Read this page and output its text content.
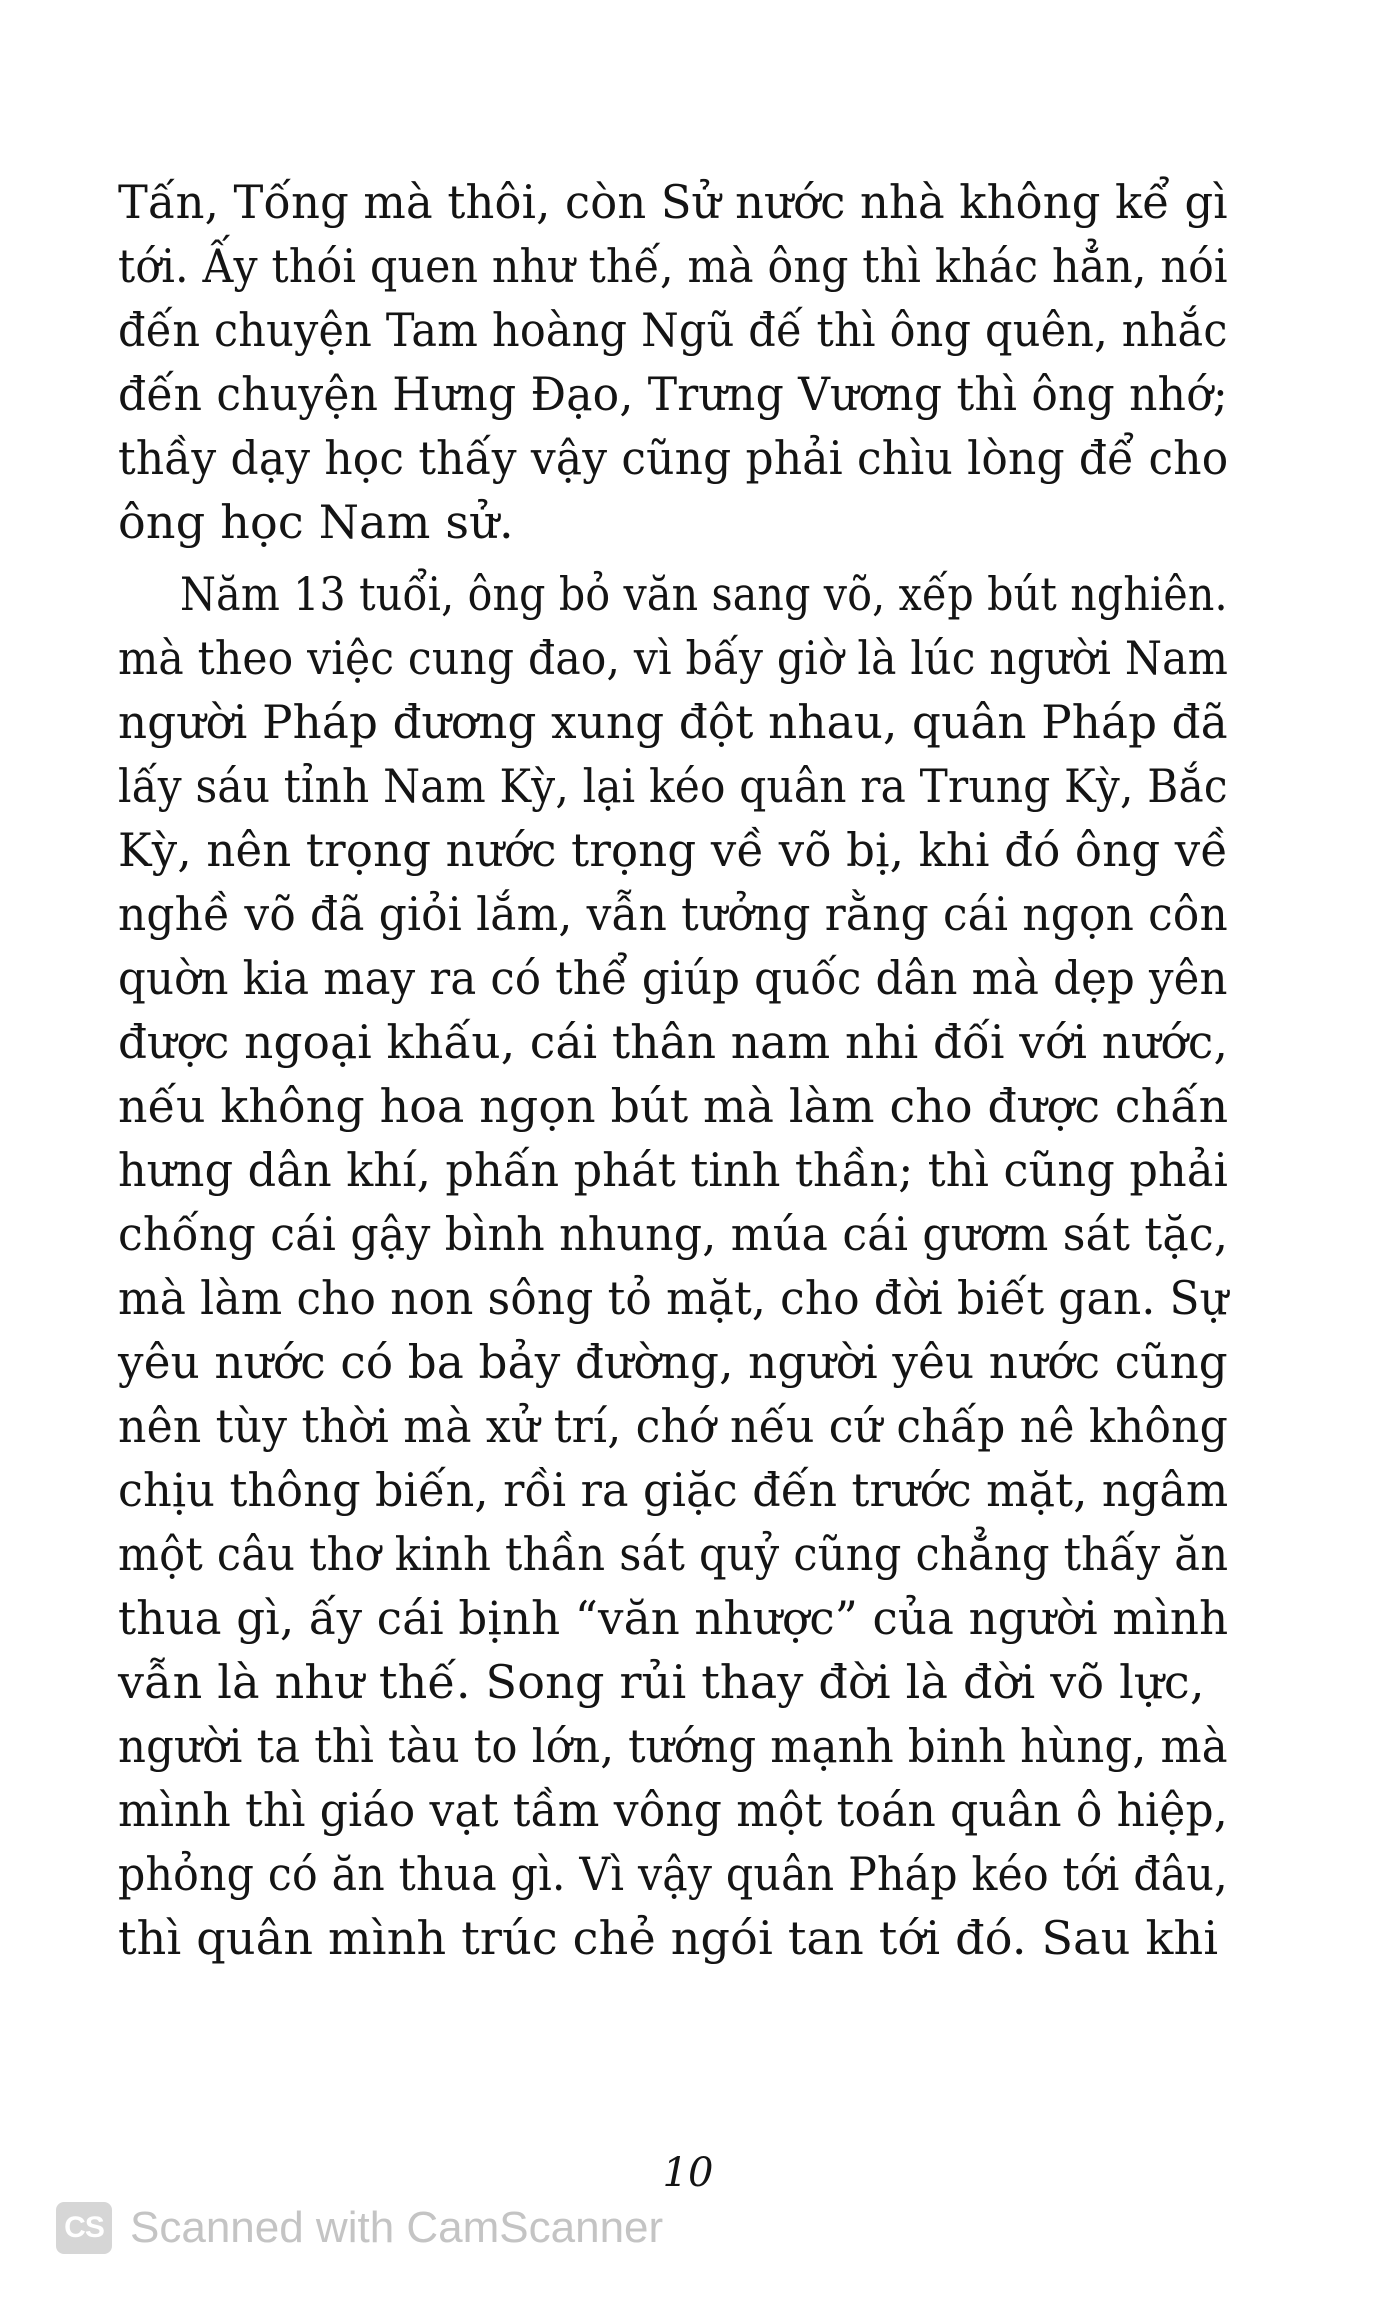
Tấn, Tống mà thôi, còn Sử nước nhà không kể gì
tới. Ấy thói quen như thế, mà ông thì khác hẳn, nói
đến chuyện Tam hoàng Ngũ đế thì ông quên, nhắc
đến chuyện Hưng Đạo, Trưng Vương thì ông nhớ;
thầy dạy học thấy vậy cũng phải chìu lòng để cho
ông học Nam sử.
Năm 13 tuổi, ông bỏ văn sang võ, xếp bút nghiên.
mà theo việc cung đao, vì bấy giờ là lúc người Nam
người Pháp đương xung đột nhau, quân Pháp đã
lấy sáu tỉnh Nam Kỳ, lại kéo quân ra Trung Kỳ, Bắc
Kỳ, nên trọng nước trọng về võ bị, khi đó ông về
nghề võ đã giỏi lắm, vẫn tưởng rằng cái ngọn côn
quờn kia may ra có thể giúp quốc dân mà dẹp yên
được ngoại khấu, cái thân nam nhi đối với nước,
nếu không hoa ngọn bút mà làm cho được chấn
hưng dân khí, phấn phát tinh thần; thì cũng phải
chống cái gậy bình nhung, múa cái gươm sát tặc,
mà làm cho non sông tỏ mặt, cho đời biết gan. Sự
yêu nước có ba bảy đường, người yêu nước cũng
nên tùy thời mà xử trí, chớ nếu cứ chấp nê không
chịu thông biến, rồi ra giặc đến trước mặt, ngâm
một câu thơ kinh thần sát quỷ cũng chẳng thấy ăn
thua gì, ấy cái bịnh “văn nhược” của người mình
vẫn là như thế. Song rủi thay đời là đời võ lực,
người ta thì tàu to lớn, tướng mạnh binh hùng, mà
mình thì giáo vạt tầm vông một toán quân ô hiệp,
phỏng có ăn thua gì. Vì vậy quân Pháp kéo tới đâu,
thì quân mình trúc chẻ ngói tan tới đó. Sau khi
10
CS Scanned with CamScanner
